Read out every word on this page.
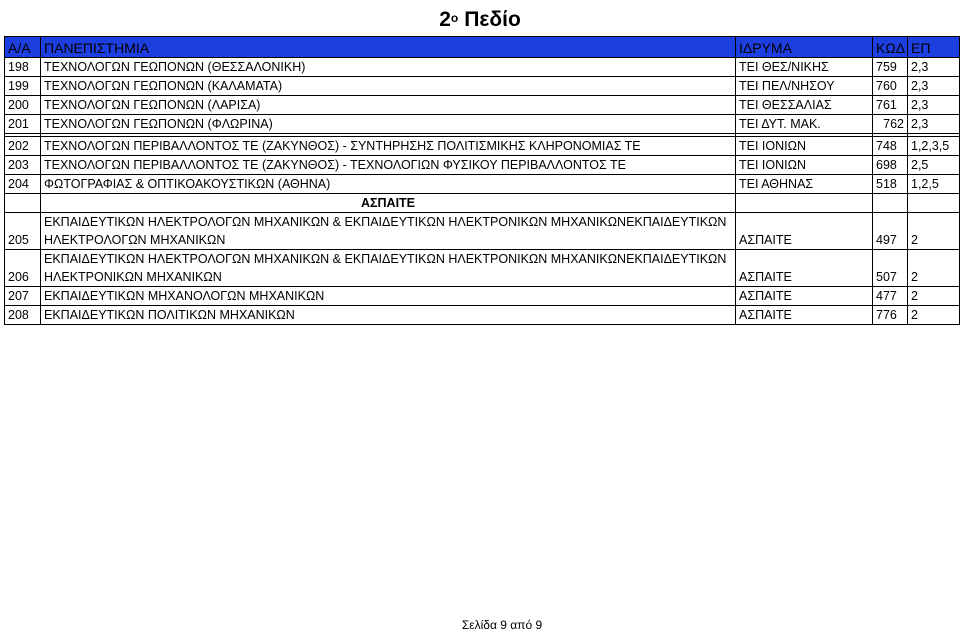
$2^o$ Πεδίο
Α/Α	ΠΑΝΕΠΙΣΤΗΜΙΑ	ΙΔΡΥΜΑ	ΚΩΔ	ΕΠ
198	ΤΕΧΝΟΛΟΓΩΝ ΓΕΩΠΟΝΩΝ (ΘΕΣΣΑΛΟΝΙΚΗ)	ΤΕΙ ΘΕΣ/ΝΙΚΗΣ	759	2,3
199	ΤΕΧΝΟΛΟΓΩΝ ΓΕΩΠΟΝΩΝ (ΚΑΛΑΜΑΤΑ)	ΤΕΙ ΠΕΛ/ΝΗΣΟΥ	760	2,3
200	ΤΕΧΝΟΛΟΓΩΝ ΓΕΩΠΟΝΩΝ (ΛΑΡΙΣΑ)	ΤΕΙ ΘΕΣΣΑΛΙΑΣ	761	2,3
201	ΤΕΧΝΟΛΟΓΩΝ ΓΕΩΠΟΝΩΝ (ΦΛΩΡΙΝΑ)	ΤΕΙ ΔΥΤ. ΜΑΚ.	762	2,3

202	ΤΕΧΝΟΛΟΓΩΝ ΠΕΡΙΒΑΛΛΟΝΤΟΣ ΤΕ (ΖΑΚΥΝΘΟΣ) - ΣΥΝΤΗΡΗΣΗΣ ΠΟΛΙΤΙΣΜΙΚΗΣ ΚΛΗΡΟΝΟΜΙΑΣ ΤΕ	ΤΕΙ ΙΟΝΙΩΝ	748	1,2,3,5
203	ΤΕΧΝΟΛΟΓΩΝ ΠΕΡΙΒΑΛΛΟΝΤΟΣ ΤΕ (ΖΑΚΥΝΘΟΣ) - ΤΕΧΝΟΛΟΓΙΩΝ ΦΥΣΙΚΟΥ ΠΕΡΙΒΑΛΛΟΝΤΟΣ ΤΕ	ΤΕΙ ΙΟΝΙΩΝ	698	2,5
204	ΦΩΤΟΓΡΑΦΙΑΣ & ΟΠΤΙΚΟΑΚΟΥΣΤΙΚΩΝ (ΑΘΗΝΑ)	ΤΕΙ ΑΘΗΝΑΣ	518	1,2,5
	ΑΣΠΑΙΤΕ			
205	ΕΚΠΑΙΔΕΥΤΙΚΩΝ ΗΛΕΚΤΡΟΛΟΓΩΝ ΜΗΧΑΝΙΚΩΝ & ΕΚΠΑΙΔΕΥΤΙΚΩΝ ΗΛΕΚΤΡΟΝΙΚΩΝ ΜΗΧΑΝΙΚΩΝΕΚΠΑΙΔΕΥΤΙΚΩΝ ΗΛΕΚΤΡΟΛΟΓΩΝ ΜΗΧΑΝΙΚΩΝ	ΑΣΠΑΙΤΕ	497	2
206	ΕΚΠΑΙΔΕΥΤΙΚΩΝ ΗΛΕΚΤΡΟΛΟΓΩΝ ΜΗΧΑΝΙΚΩΝ & ΕΚΠΑΙΔΕΥΤΙΚΩΝ ΗΛΕΚΤΡΟΝΙΚΩΝ ΜΗΧΑΝΙΚΩΝΕΚΠΑΙΔΕΥΤΙΚΩΝ ΗΛΕΚΤΡΟΝΙΚΩΝ ΜΗΧΑΝΙΚΩΝ	ΑΣΠΑΙΤΕ	507	2
207	ΕΚΠΑΙΔΕΥΤΙΚΩΝ ΜΗΧΑΝΟΛΟΓΩΝ ΜΗΧΑΝΙΚΩΝ	ΑΣΠΑΙΤΕ	477	2
208	ΕΚΠΑΙΔΕΥΤΙΚΩΝ ΠΟΛΙΤΙΚΩΝ ΜΗΧΑΝΙΚΩΝ	ΑΣΠΑΙΤΕ	776	2
Σελίδα 9 από 9
